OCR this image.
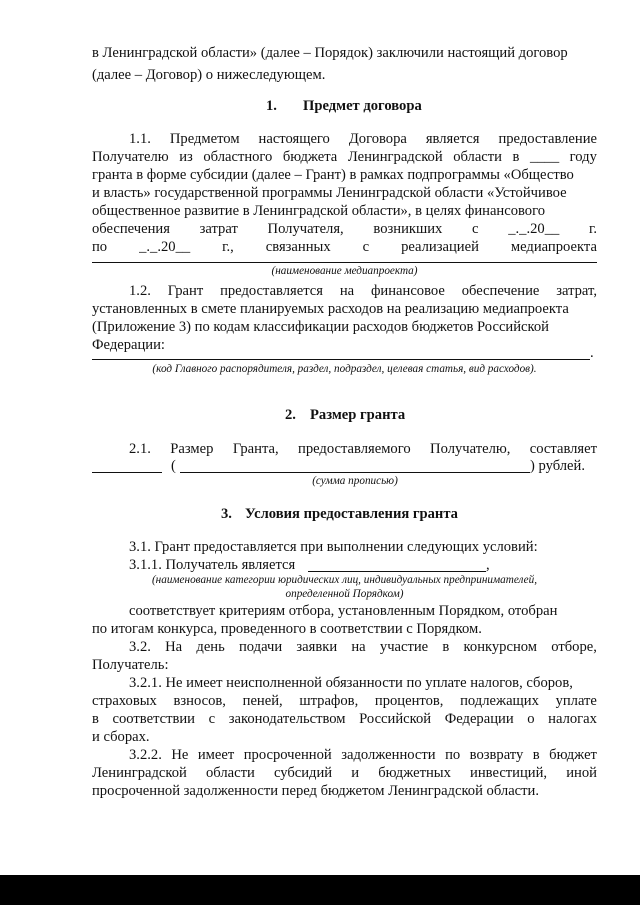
в Ленинградской области» (далее – Порядок) заключили настоящий договор
(далее – Договор) о нижеследующем.
1. Предмет договора
1.1. Предметом настоящего Договора является предоставление
Получателю из областного бюджета Ленинградской области в ____ году
гранта в форме субсидии (далее – Грант) в рамках подпрограммы «Общество
и власть» государственной программы Ленинградской области «Устойчивое
общественное развитие в Ленинградской области», в целях финансового
обеспечения затрат Получателя, возникших с _._.20__ г.
по _._.20__ г., связанных с реализацией медиапроекта
(наименование медиапроекта)
1.2. Грант предоставляется на финансовое обеспечение затрат,
установленных в смете планируемых расходов на реализацию медиапроекта
(Приложение 3) по кодам классификации расходов бюджетов Российской
Федерации:	.
(код Главного распорядителя, раздел, подраздел, целевая статья, вид расходов).
2. Размер гранта
2.1. Размер Гранта, предоставляемого Получателю, составляет
(	) рублей.
(сумма прописью)
3. Условия предоставления гранта
3.1. Грант предоставляется при выполнении следующих условий:
3.1.1. Получатель является	,
(наименование категории юридических лиц, индивидуальных предпринимателей,
определенной Порядком)
соответствует критериям отбора, установленным Порядком, отобран
по итогам конкурса, проведенного в соответствии с Порядком.
3.2. На день подачи заявки на участие в конкурсном отборе,
Получатель:
3.2.1. Не имеет неисполненной обязанности по уплате налогов, сборов,
страховых взносов, пеней, штрафов, процентов, подлежащих уплате
в соответствии с законодательством Российской Федерации о налогах
и сборах.
3.2.2. Не имеет просроченной задолженности по возврату в бюджет
Ленинградской области субсидий и бюджетных инвестиций, иной
просроченной задолженности перед бюджетом Ленинградской области.
